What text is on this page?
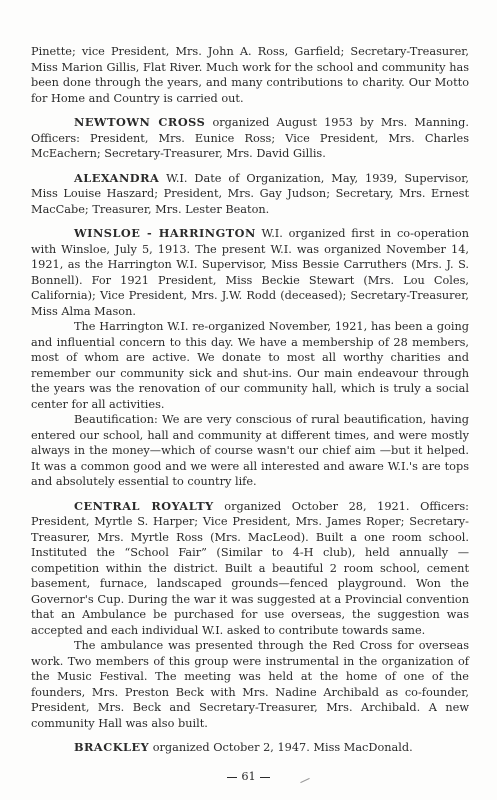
Pinette; vice President, Mrs. John A. Ross, Garfield; Secretary-Treasurer, Miss Marion Gillis, Flat River. Much work for the school and community has been done through the years, and many contributions to charity. Our Motto for Home and Country is carried out.

NEWTOWN CROSS organized August 1953 by Mrs. Manning. Officers: President, Mrs. Eunice Ross; Vice President, Mrs. Charles McEachern; Secretary-Treasurer, Mrs. David Gillis.

ALEXANDRA W.I. Date of Organization, May, 1939, Supervisor, Miss Louise Haszard; President, Mrs. Gay Judson; Secretary, Mrs. Ernest MacCabe; Treasurer, Mrs. Lester Beaton.

WINSLOE - HARRINGTON W.I. organized first in co-operation with Winsloe, July 5, 1913. The present W.I. was organized November 14, 1921, as the Harrington W.I. Supervisor, Miss Bessie Carruthers (Mrs. J. S. Bonnell). For 1921 President, Miss Beckie Stewart (Mrs. Lou Coles, California); Vice President, Mrs. J.W. Rodd (deceased); Secretary-Treasurer, Miss Alma Mason.

The Harrington W.I. re-organized November, 1921, has been a going and influential concern to this day. We have a membership of 28 members, most of whom are active. We donate to most all worthy charities and remember our community sick and shut-ins. Our main endeavour through the years was the renovation of our community hall, which is truly a social center for all activities.

Beautification: We are very conscious of rural beautification, having entered our school, hall and community at different times, and were mostly always in the money—which of course wasn't our chief aim —but it helped. It was a common good and we were all interested and aware W.I.'s are tops and absolutely essential to country life.

CENTRAL ROYALTY organized October 28, 1921. Officers: President, Myrtle S. Harper; Vice President, Mrs. James Roper; Secretary-Treasurer, Mrs. Myrtle Ross (Mrs. MacLeod). Built a one room school. Instituted the “School Fair” (Similar to 4-H club), held annually — competition within the district. Built a beautiful 2 room school, cement basement, furnace, landscaped grounds—fenced playground. Won the Governor's Cup. During the war it was suggested at a Provincial convention that an Ambulance be purchased for use overseas, the suggestion was accepted and each individual W.I. asked to contribute towards same.

The ambulance was presented through the Red Cross for overseas work. Two members of this group were instrumental in the organization of the Music Festival. The meeting was held at the home of one of the founders, Mrs. Preston Beck with Mrs. Nadine Archibald as co-founder, President, Mrs. Beck and Secretary-Treasurer, Mrs. Archibald. A new community Hall was also built.

BRACKLEY organized October 2, 1947. Miss MacDonald.

61
